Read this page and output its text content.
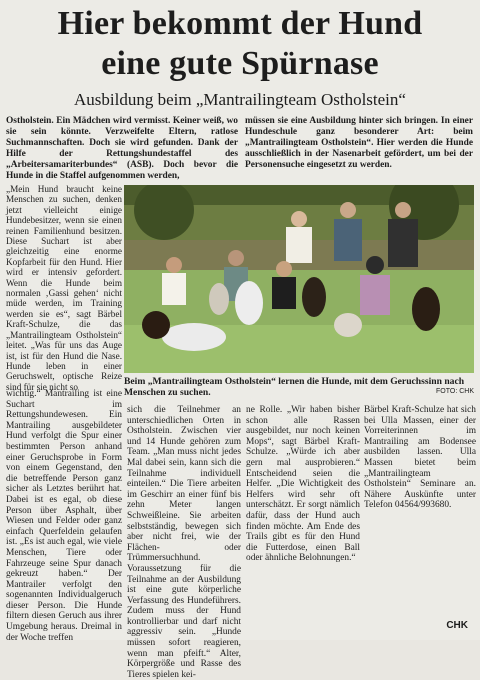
Hier bekommt der Hund
eine gute Spürnase
Ausbildung beim „Mantrailingteam Ostholstein“

Ostholstein. Ein Mädchen wird vermisst. Keiner weiß, wo sie sein könnte. Verzweifelte Eltern, ratlose Suchmannschaften. Doch sie wird gefunden. Dank der Hilfe der Rettungshundestaffel des „Arbeitersamariterbundes“ (ASB). Doch bevor die Hunde in die Staffel aufgenommen werden,

müssen sie eine Ausbildung hinter sich bringen. In einer Hundeschule ganz besonderer Art: beim „Mantrailingteam Ostholstein“. Hier werden die Hunde ausschließlich in der Nasenarbeit gefördert, um bei der Personensuche eingesetzt zu werden.

„Mein Hund braucht keine Menschen zu suchen, denken jetzt vielleicht einige Hundebesitzer, wenn sie einen reinen Familienhund besitzen. Diese Suchart ist aber gleichzeitig eine enorme Kopfarbeit für den Hund. Hier wird er intensiv gefordert. Wenn die Hunde beim normalen ‚Gassi gehen‘ nicht müde werden, im Training werden sie es“, sagt Bärbel Kraft-Schulze, die das „Mantrailingteam Ostholstein“ leitet. „Was für uns das Auge ist, ist für den Hund die Nase. Hunde leben in einer Geruchswelt, optische Reize sind für sie nicht so	Beim „Mantrailingteam Ostholstein“ lernen die Hunde, mit dem Geruchssinn nach Menschen zu suchen.	FOTO: CHK

wichtig.“ Mantrailing ist eine Suchart im Rettungshundewesen. Ein Mantrailing ausgebildeter Hund verfolgt die Spur einer bestimmten Person anhand einer Geruchsprobe in Form von einem Gegenstand, den die betreffende Person ganz sicher als Letztes berührt hat. Dabei ist es egal, ob diese Person über Asphalt, über Wiesen und Felder oder ganz einfach Querfeldein gelaufen ist. „Es ist auch egal, wie viele Menschen, Tiere oder Fahrzeuge seine Spur danach gekreuzt haben.“ Der Mantrailer verfolgt den sogenannten Individualgeruch dieser Person. Die Hunde filtern diesen Geruch aus ihrer Umgebung heraus. Dreimal in der Woche treffen

sich die Teilnehmer an unterschiedlichen Orten in Ostholstein. Zwischen vier und 14 Hunde gehören zum Team. „Man muss nicht jedes Mal dabei sein, kann sich die Teilnahme individuell einteilen.“ Die Tiere arbeiten im Geschirr an einer fünf bis zehn Meter langen Schweißleine. Sie arbeiten selbstständig, bewegen sich aber nicht frei, wie der Flächen- oder Trümmersuchhund. Voraussetzung für die Teilnahme an der Ausbildung ist eine gute körperliche Verfassung des Hundeführers. Zudem muss der Hund kontrollierbar und darf nicht aggressiv sein. „Hunde müssen sofort reagieren, wenn man pfeift.“ Alter, Körpergröße und Rasse des Tieres spielen kei-

ne Rolle. „Wir haben bisher schon alle Rassen ausgebildet, nur noch keinen Mops“, sagt Bärbel Kraft-Schulze. „Würde ich aber gern mal ausprobieren.“ Entscheidend seien die Helfer. „Die Wichtigkeit des Helfers wird sehr oft unterschätzt. Er sorgt nämlich dafür, dass der Hund auch finden möchte. Am Ende des Trails gibt es für den Hund die Futterdose, einen Ball oder ähnliche Belohnungen.“

Bärbel Kraft-Schulze hat sich bei Ulla Massen, einer der Vorreiterinnen im Mantrailing am Bodensee ausbilden lassen. Ulla Massen bietet beim „Mantrailingteam Ostholstein“ Seminare an. Nähere Auskünfte unter Telefon 04564/993680.

CHK
